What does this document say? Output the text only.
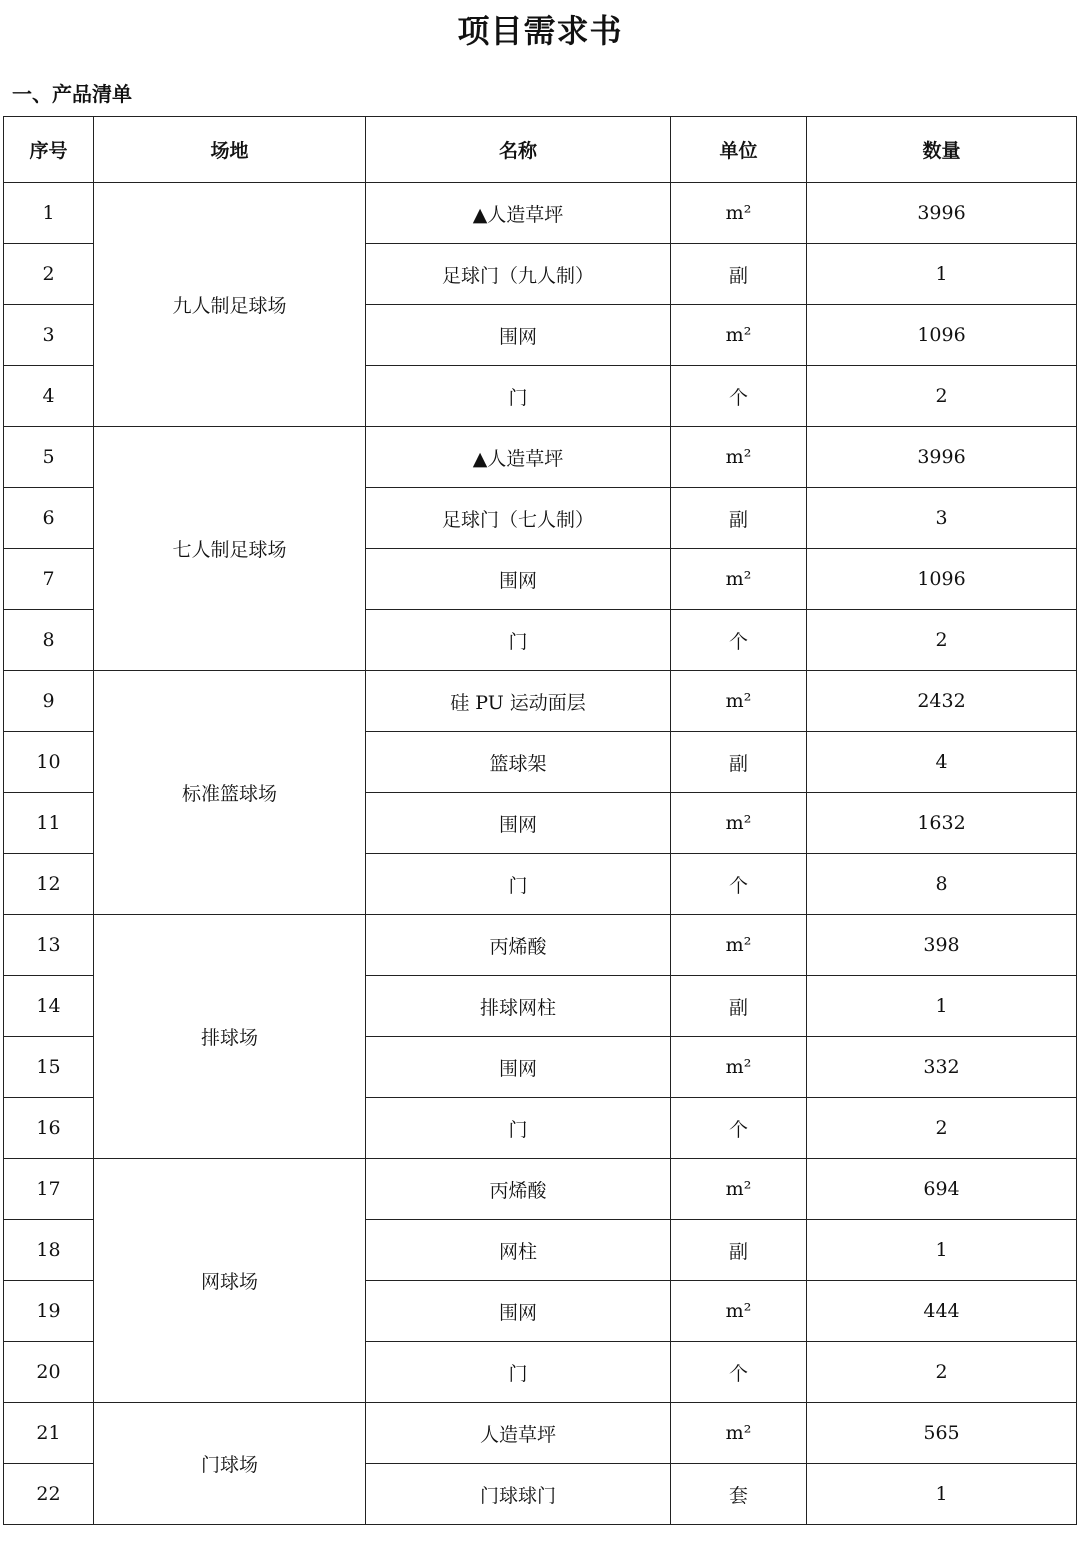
项目需求书
一、产品清单
序号	场地	名称	单位	数量
1	九人制足球场	▲人造草坪	m²	3996
2		足球门（九人制）	副	1
3		围网	m²	1096
4		门	个	2
5	七人制足球场	▲人造草坪	m²	3996
6		足球门（七人制）	副	3
7		围网	m²	1096
8		门	个	2
9	标准篮球场	硅 PU 运动面层	m²	2432
10		篮球架	副	4
11		围网	m²	1632
12		门	个	8
13	排球场	丙烯酸	m²	398
14		排球网柱	副	1
15		围网	m²	332
16		门	个	2
17	网球场	丙烯酸	m²	694
18		网柱	副	1
19		围网	m²	444
20		门	个	2
21	门球场	人造草坪	m²	565
22		门球球门	套	1
